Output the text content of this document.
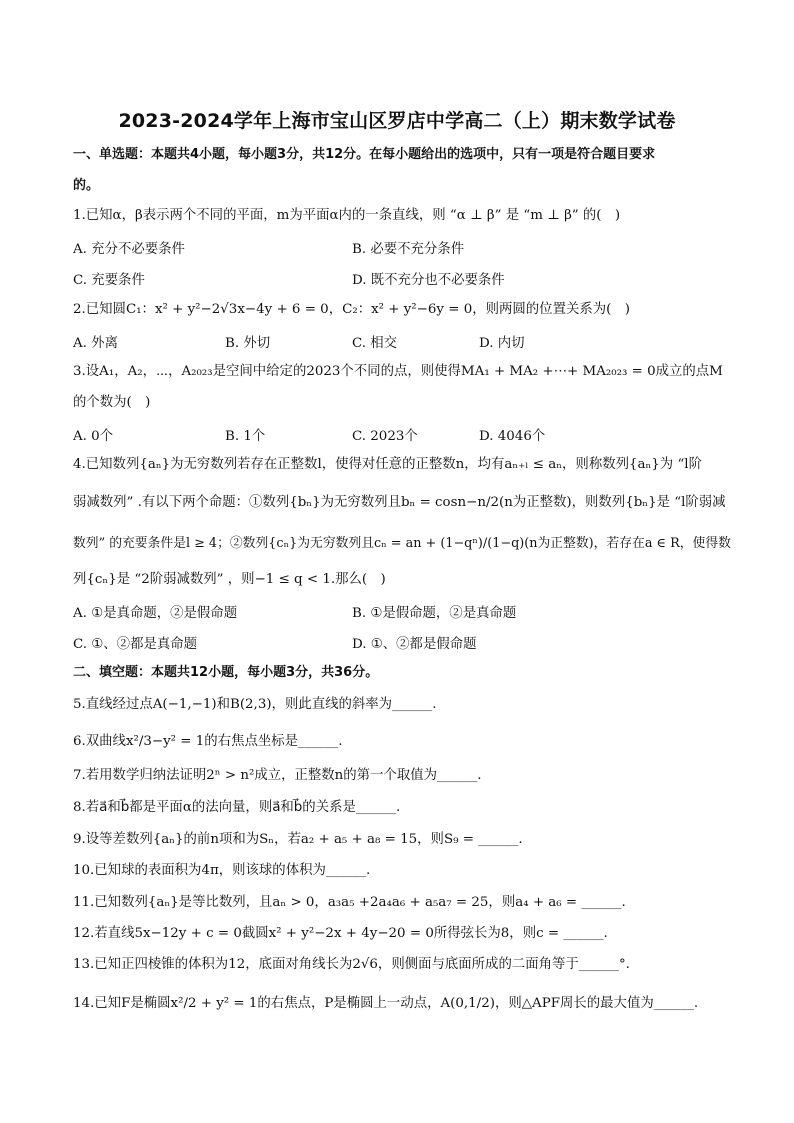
2023-2024学年上海市宝山区罗店中学高二（上）期末数学试卷
一、单选题：本题共4小题，每小题3分，共12分。在每小题给出的选项中，只有一项是符合题目要求
的。
1.已知α，β表示两个不同的平面，m为平面α内的一条直线，则 “α ⊥ β” 是 “m ⊥ β” 的(　)
A. 充分不必要条件	B. 必要不充分条件
C. 充要条件	D. 既不充分也不必要条件
2.已知圆C₁：x² + y²−2√3x−4y + 6 = 0，C₂：x² + y²−6y = 0，则两圆的位置关系为(　)
A. 外离	B. 外切	C. 相交	D. 内切
3.设A₁，A₂，⋯，A₂₀₂₃是空间中给定的2023个不同的点，则使得MA₁ + MA₂ +⋯+ MA₂₀₂₃ = 0成立的点M
的个数为(　)
A. 0个	B. 1个	C. 2023个	D. 4046个
4.已知数列{aₙ}为无穷数列若存在正整数l，使得对任意的正整数n，均有aₙ₊ₗ ≤ aₙ，则称数列{aₙ}为 “l阶
弱减数列” .有以下两个命题：①数列{bₙ}为无穷数列且bₙ = cosn−n/2(n为正整数)，则数列{bₙ}是 “l阶弱减
数列” 的充要条件是l ≥ 4；②数列{cₙ}为无穷数列且cₙ = an + (1−qⁿ)/(1−q)(n为正整数)，若存在a ∈ R，使得数
列{cₙ}是 “2阶弱减数列” ，则−1 ≤ q < 1.那么(　)
A. ①是真命题，②是假命题	B. ①是假命题，②是真命题
C. ①、②都是真命题	D. ①、②都是假命题
二、填空题：本题共12小题，每小题3分，共36分。
5.直线经过点A(−1,−1)和B(2,3)，则此直线的斜率为______.
6.双曲线x²/3−y² = 1的右焦点坐标是______.
7.若用数学归纳法证明2ⁿ > n²成立，正整数n的第一个取值为______.
8.若a⃗和b⃗都是平面α的法向量，则a⃗和b⃗的关系是______.
9.设等差数列{aₙ}的前n项和为Sₙ，若a₂ + a₅ + a₈ = 15，则S₉ = ______.
10.已知球的表面积为4π，则该球的体积为______.
11.已知数列{aₙ}是等比数列，且aₙ > 0，a₃a₅ +2a₄a₆ + a₅a₇ = 25，则a₄ + a₆ = ______.
12.若直线5x−12y + c = 0截圆x² + y²−2x + 4y−20 = 0所得弦长为8，则c = ______.
13.已知正四棱锥的体积为12，底面对角线长为2√6，则侧面与底面所成的二面角等于______°.
14.已知F是椭圆x²/2 + y² = 1的右焦点，P是椭圆上一动点，A(0,1/2)，则△APF周长的最大值为______.
